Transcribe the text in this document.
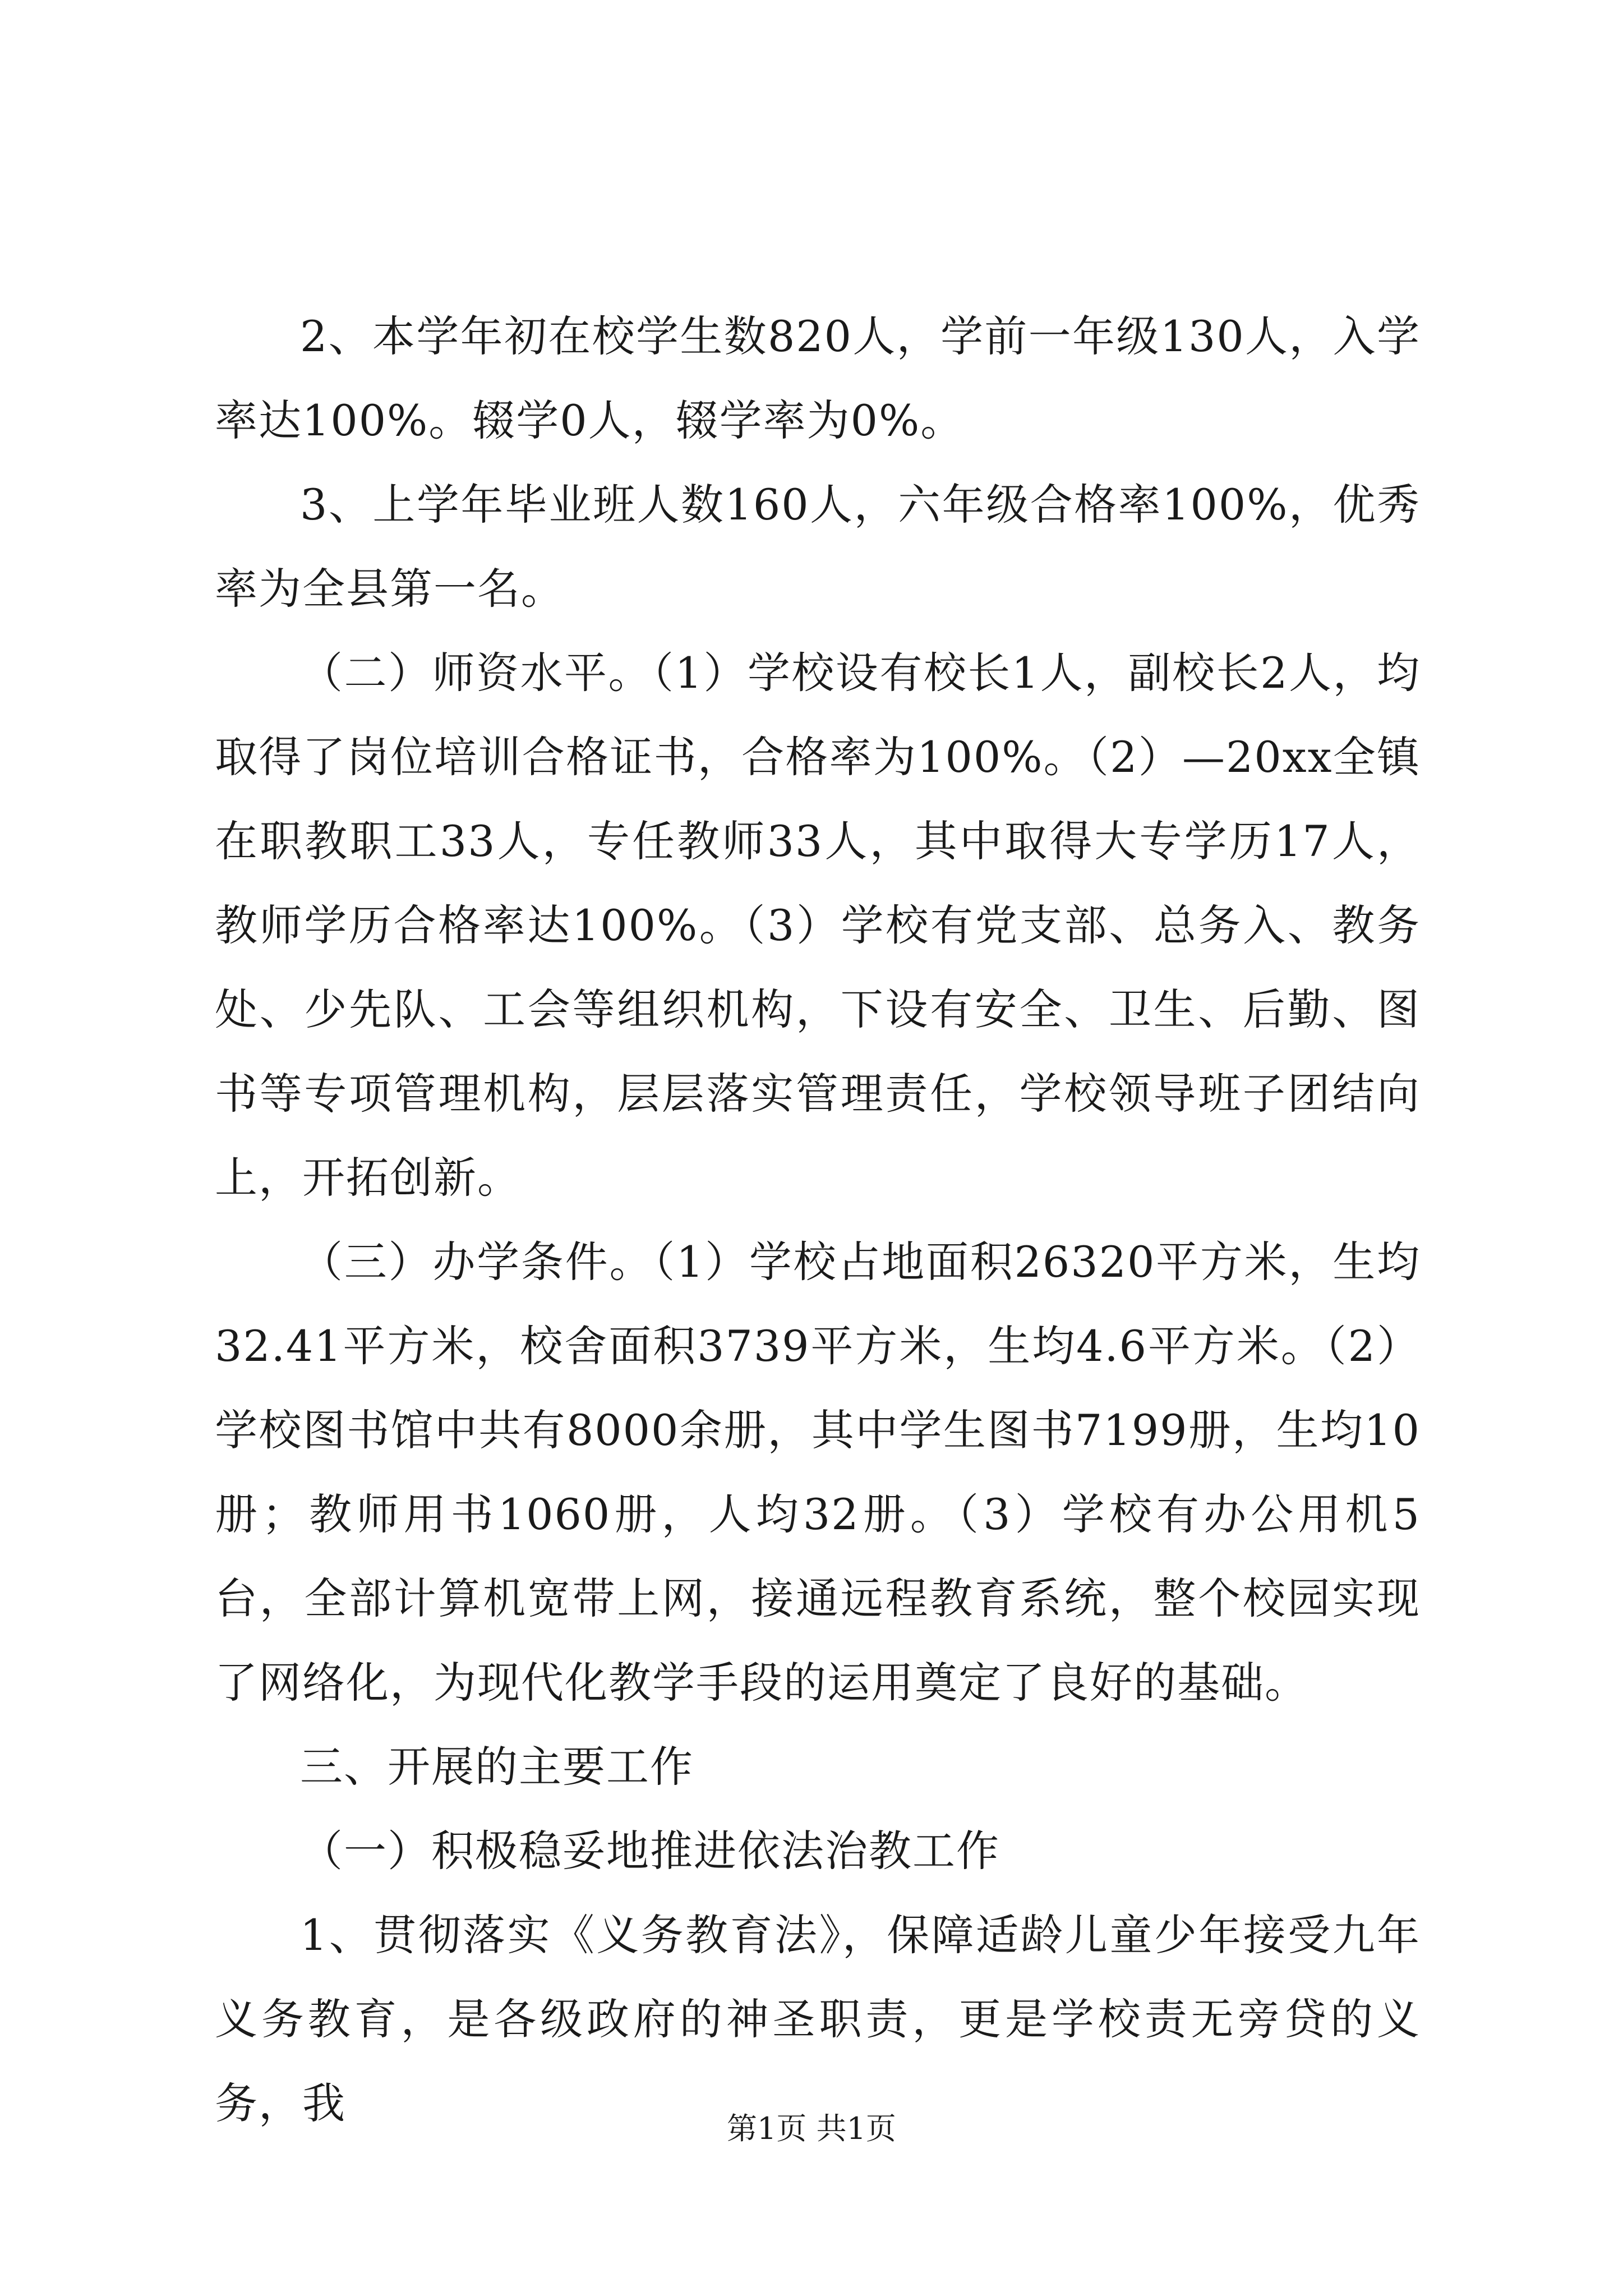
2、本学年初在校学生数820人，学前一年级130人，入学率达100%。辍学0人，辍学率为0%。

3、上学年毕业班人数160人，六年级合格率100%，优秀率为全县第一名。

（二）师资水平。（1）学校设有校长1人，副校长2人，均取得了岗位培训合格证书，合格率为100%。（2）—20xx全镇在职教职工33人，专任教师33人，其中取得大专学历17人，教师学历合格率达100%。（3）学校有党支部、总务入、教务处、少先队、工会等组织机构，下设有安全、卫生、后勤、图书等专项管理机构，层层落实管理责任，学校领导班子团结向上，开拓创新。

（三）办学条件。（1）学校占地面积26320平方米，生均32.41平方米，校舍面积3739平方米，生均4.6平方米。（2）学校图书馆中共有8000余册，其中学生图书7199册，生均10册；教师用书1060册，人均32册。（3）学校有办公用机5台，全部计算机宽带上网，接通远程教育系统，整个校园实现了网络化，为现代化教学手段的运用奠定了良好的基础。

三、开展的主要工作

（一）积极稳妥地推进依法治教工作

1、贯彻落实《义务教育法》，保障适龄儿童少年接受九年义务教育，是各级政府的神圣职责，更是学校责无旁贷的义务，我

第1页 共1页
